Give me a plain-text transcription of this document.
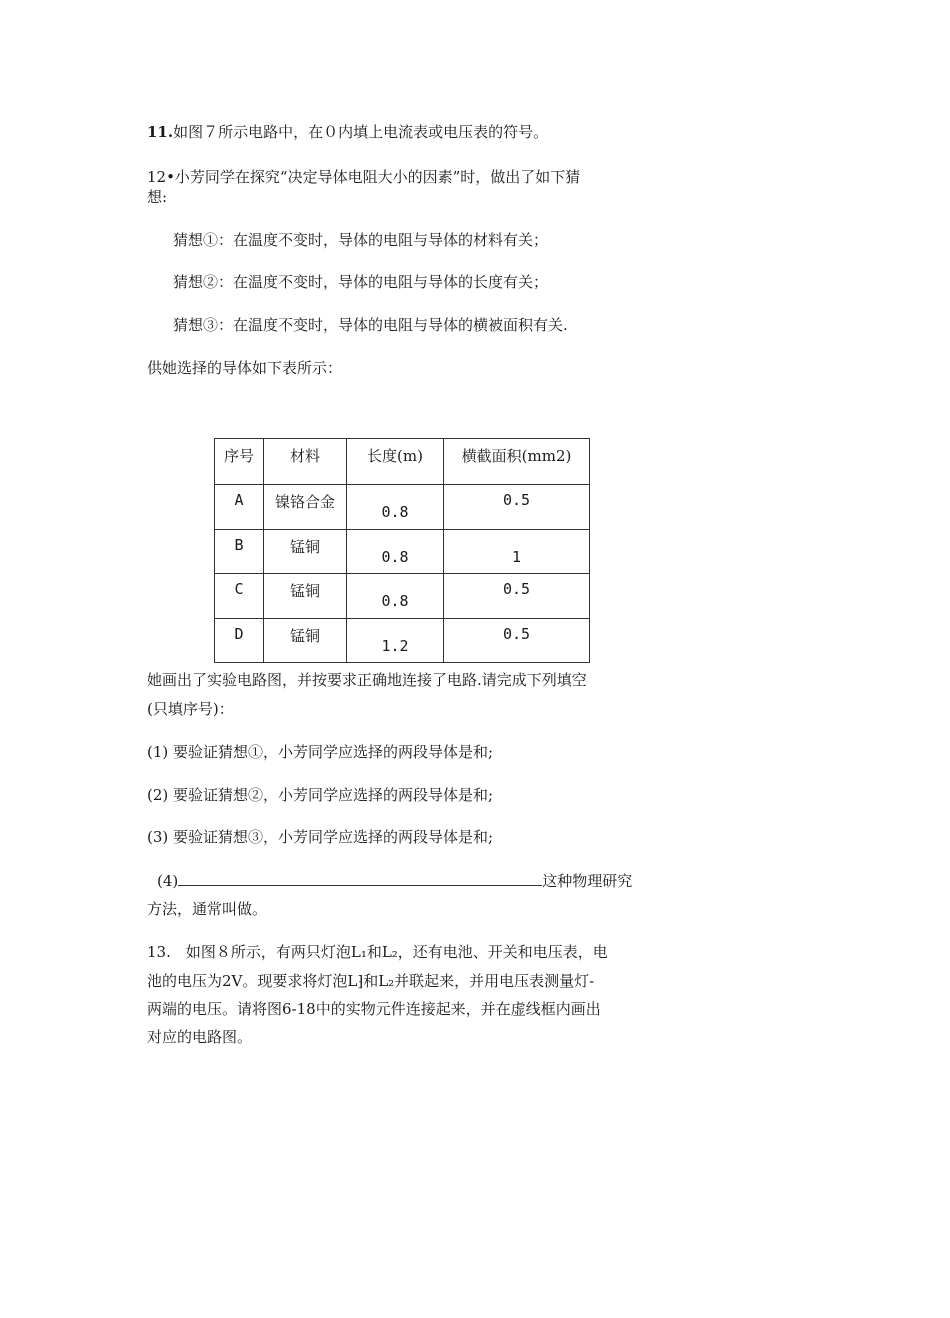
11.如图７所示电路中，在０内填上电流表或电压表的符号。
12•小芳同学在探究“决定导体电阻大小的因素”时，做出了如下猜
想:
猜想①：在温度不变时，导体的电阻与导体的材料有关；
猜想②：在温度不变时，导体的电阻与导体的长度有关；
猜想③：在温度不变时，导体的电阻与导体的横被面积有关.
供她选择的导体如下表所示：
序号	材料	长度(m)	横截面积(mm2)

A	镍铬合金	0.8	0.5

B	锰铜	0.8	1

C	锰铜	0.8	0.5

D	锰铜	1.2	0.5
她画出了实验电路图，并按要求正确地连接了电路.请完成下列填空
(只填序号)：
(1) 要验证猜想①，小芳同学应选择的两段导体是和;
(2) 要验证猜想②，小芳同学应选择的两段导体是和;
(3) 要验证猜想③，小芳同学应选择的两段导体是和;
(4)	这种物理研究
方法，通常叫做。
13.　如图８所示，有两只灯泡L₁和L₂，还有电池、开关和电压表，电
池的电压为2V。现要求将灯泡L⁆和L₂并联起来，并用电压表测量灯-
两端的电压。请将图6-18中的实物元件连接起来，并在虚线框内画出
对应的电路图。
